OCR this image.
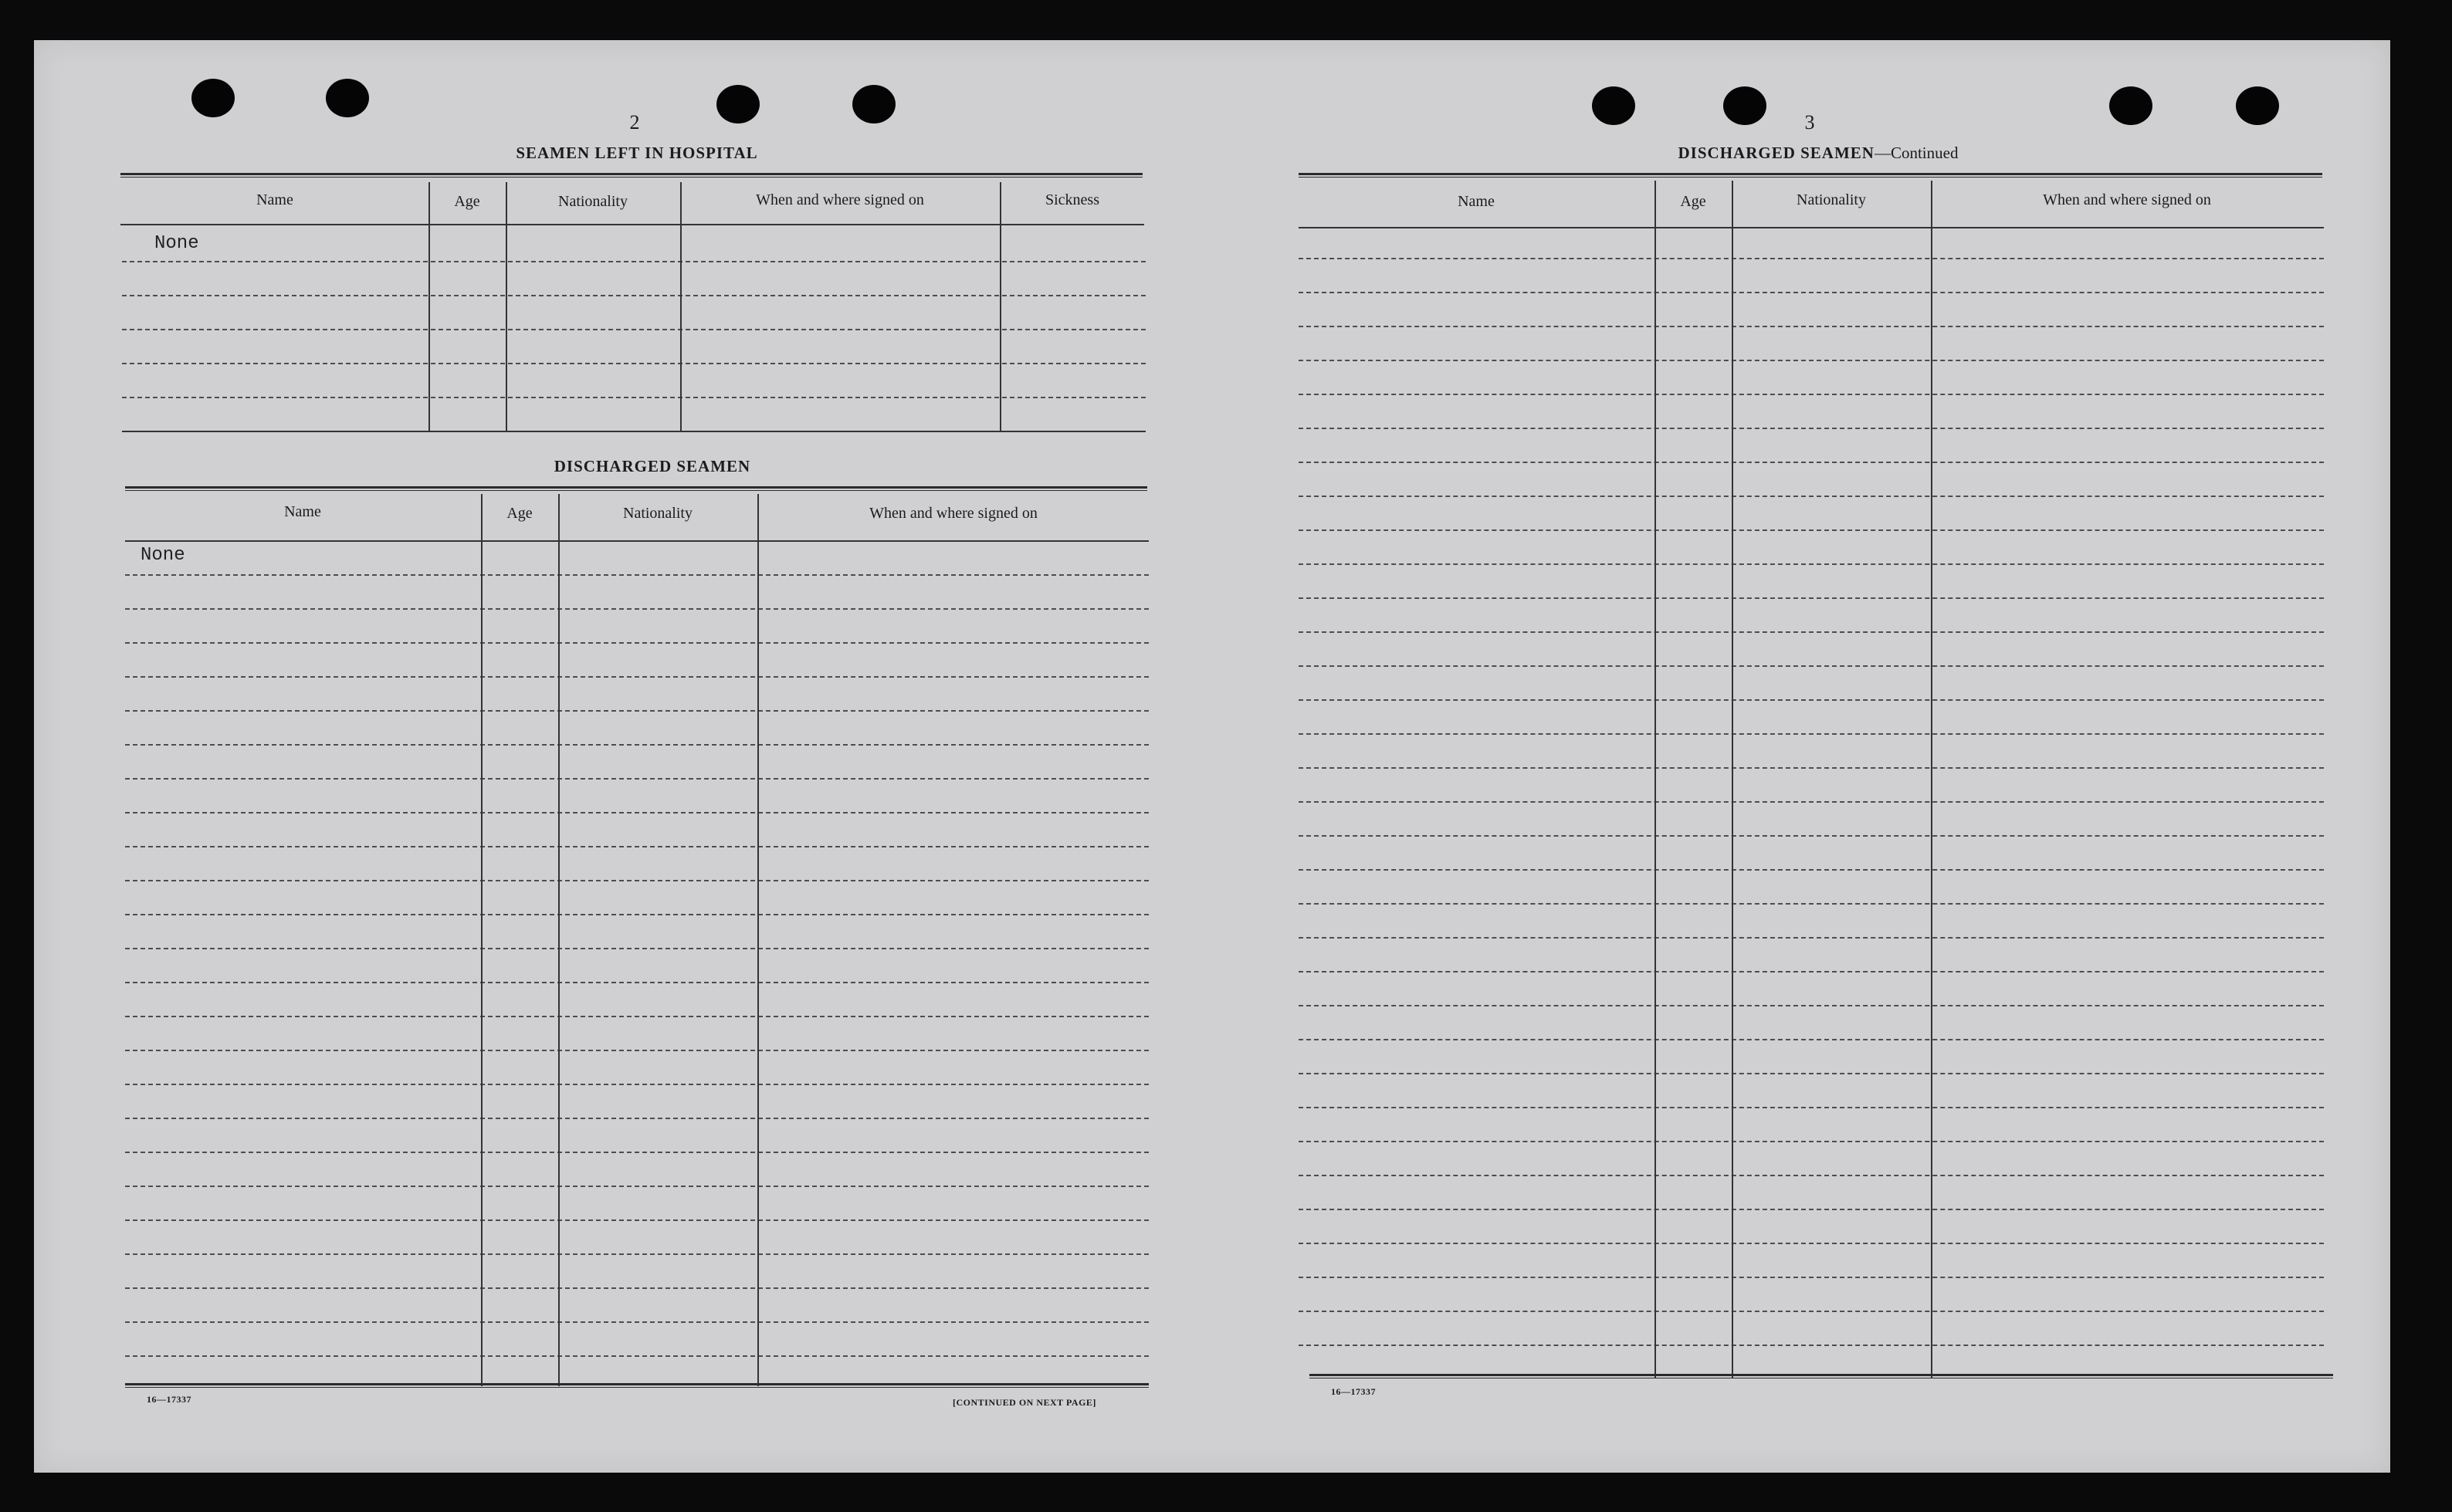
2
SEAMEN LEFT IN HOSPITAL
Name	Age	Nationality	When and where signed on	Sickness
None
DISCHARGED SEAMEN
Name	Age	Nationality	When and where signed on
None
16—17337	[CONTINUED ON NEXT PAGE]
3
DISCHARGED SEAMEN—Continued
Name	Age	Nationality	When and where signed on
16—17337
